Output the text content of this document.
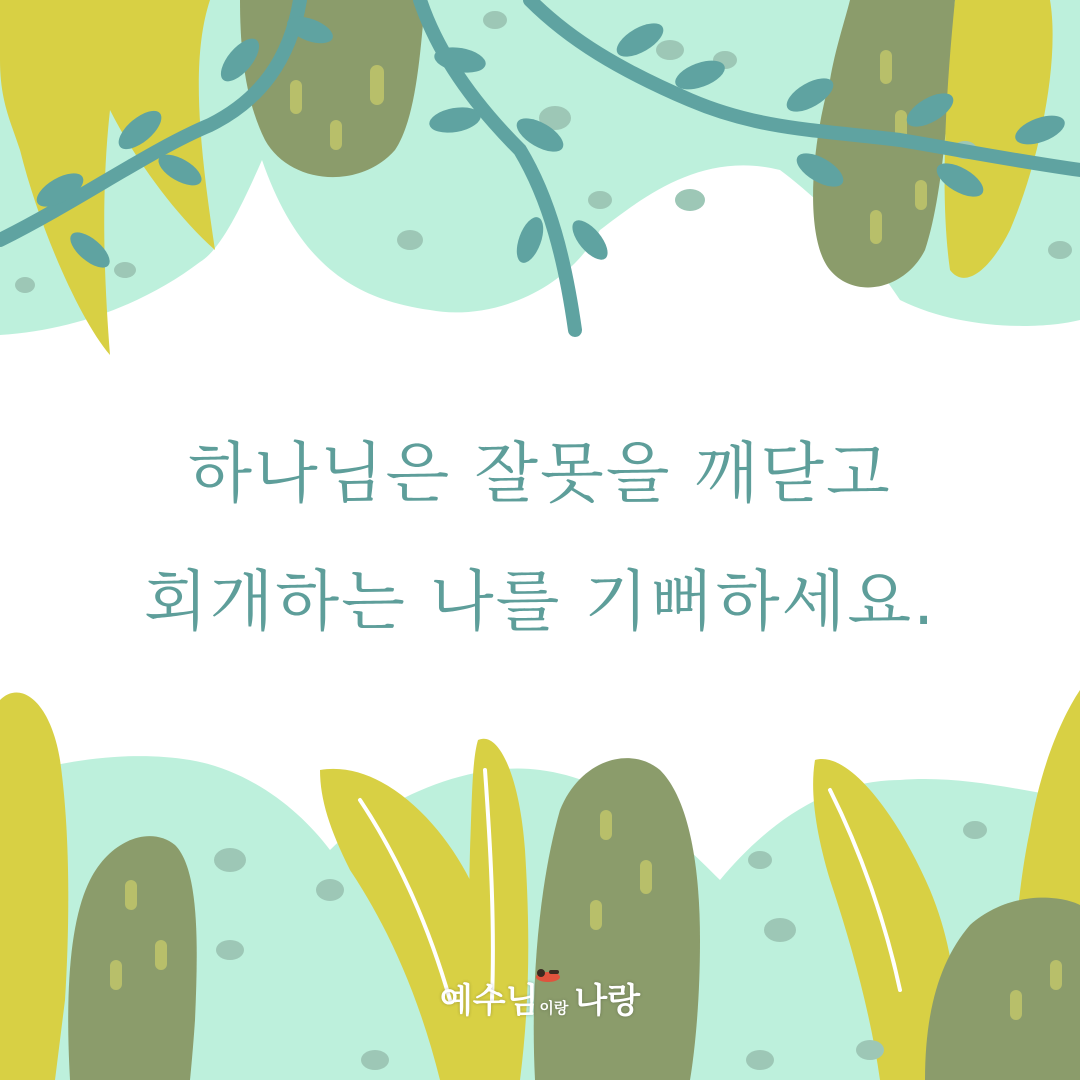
하나님은 잘못을 깨닫고
회개하는 나를 기뻐하세요.
예수님 이랑 나랑
